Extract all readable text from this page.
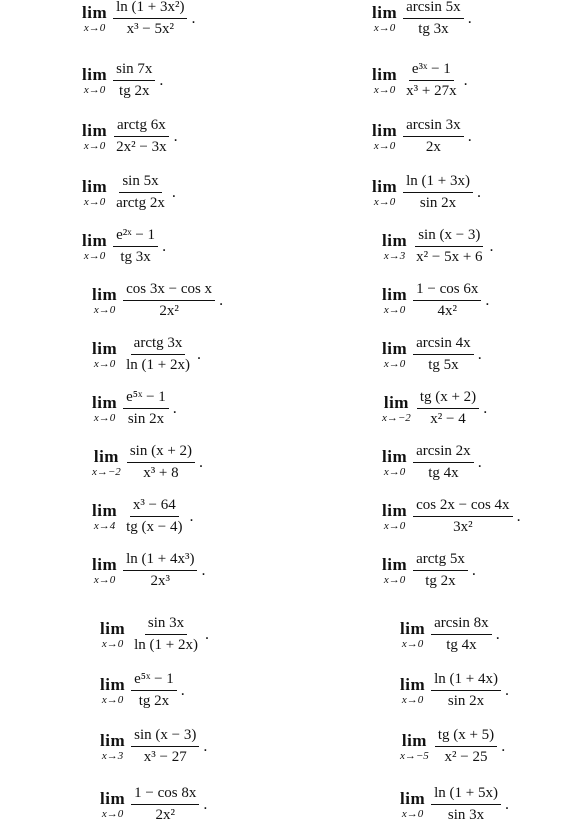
lim
$x\to 0 \frac{\text{ln (1 + 3x²)}}{\text{x³ − 5x²}}$ .	lim
$x\to 0 \frac{\arcsin 5x}{tg 3x}$ .
lim
$x\to 0 \frac{\sin 7x}{tg 2x}$ .	lim
$x\to 0 \frac{\text{e³ˣ − 1}}{\text{x³ + 27x}}$ .
lim
$x\to 0 \frac{\text{arctg 6x}}{\text{2x² − 3x}}$ .	lim
$x\to 0 \frac{\arcsin 3x}{2x}$ .
lim
$x\to 0 \frac{\sin 5x}{\text{arctg 2x}}$ .	lim
$x\to 0 \frac{\ln (1 + 3x)}{\sin 2x}$ .
lim
$x\to 0 \frac{\text{e²ˣ − 1}}{tg 3x}$ .	lim
$x\to 3 \frac{\sin (x - 3)}{\text{x² − 5x + 6}}$ .
lim
$x\to 0 \frac{\text{cos 3x − cos x}}{\text{2x²}}$ .	lim
$x\to 0 \frac{1 - \cos 6x}{\text{4x²}}$ .
lim
$x\to 0 \frac{\text{arctg 3x}}{\ln (1 + 2x)}$ .	lim
$x\to 0 \frac{\arcsin 4x}{tg 5x}$ .
lim
$x\to 0 \frac{\text{e⁵ˣ − 1}}{\sin 2x}$ .	lim
$x\to-2 \frac{tg (x + 2)}{\text{x² − 4}}$ .
lim
$x\to-2 \frac{\sin (x + 2)}{\text{x³ + 8}}$ .	lim
$x\to 0 \frac{\arcsin 2x}{tg 4x}$ .
lim
$x\to 4 \frac{\text{x³ − 64}}{tg (x - 4)}$ .	lim
$x\to 0 \frac{\cos 2x - \cos 4x}{\text{3x²}}$ .
lim
$x\to 0 \frac{\text{ln (1 + 4x³)}}{\text{2x³}}$ .	lim
$x\to 0 \frac{\text{arctg 5x}}{tg 2x}$ .
lim
$x\to 0 \frac{\sin 3x}{\ln (1 + 2x)}$ .	lim
$x\to 0 \frac{\arcsin 8x}{tg 4x}$ .
lim
$x\to 0 \frac{\text{e⁵ˣ − 1}}{tg 2x}$ .	lim
$x\to 0 \frac{\ln (1 + 4x)}{\sin 2x}$ .
lim
$x\to 3 \frac{\sin (x - 3)}{\text{x³ − 27}}$ .	lim
$x\to-5 \frac{tg (x + 5)}{\text{x² − 25}}$ .
lim
$x\to 0 \frac{1 - \cos 8x}{\text{2x²}}$ .	lim
$x\to 0 \frac{\ln (1 + 5x)}{\sin 3x}$ .
